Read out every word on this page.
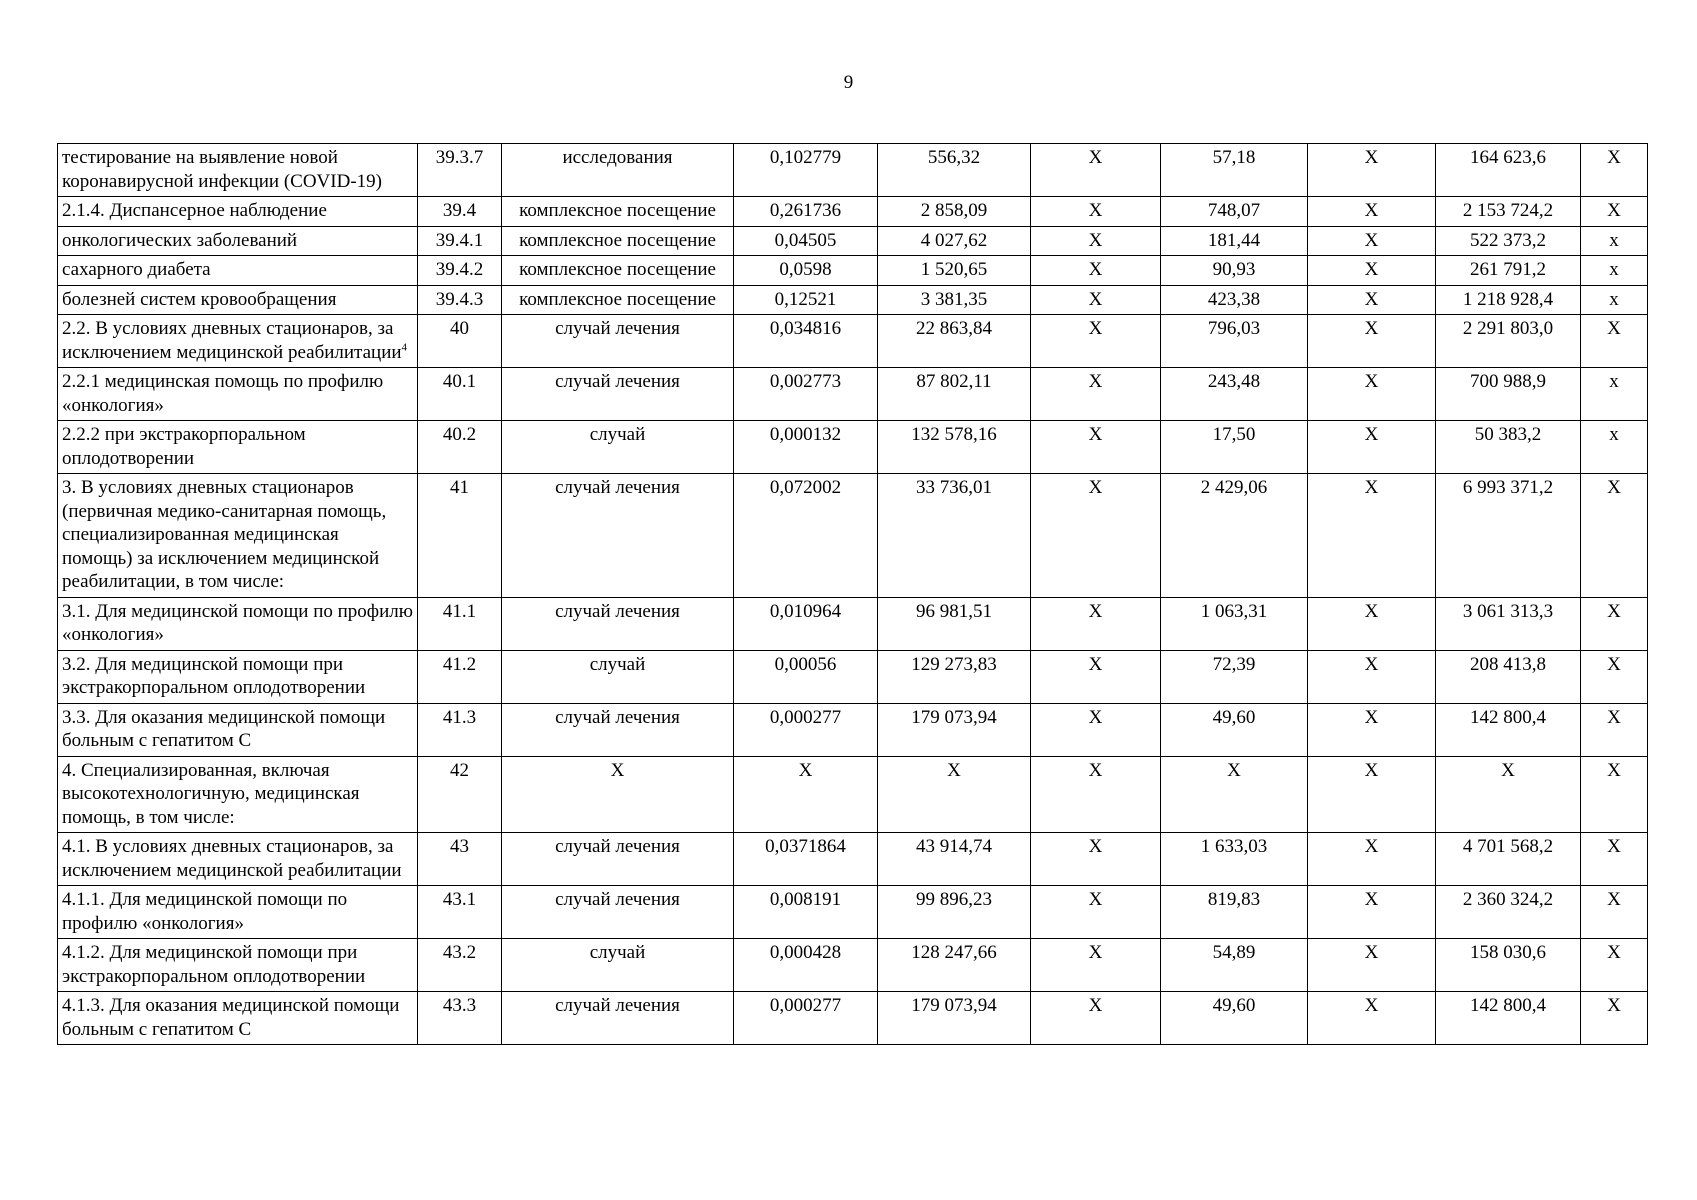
9
тестирование на выявление новой коронавирусной инфекции (COVID-19)	39.3.7	исследования	0,102779	556,32	X	57,18	X	164 623,6	X
2.1.4. Диспансерное наблюдение	39.4	комплексное посещение	0,261736	2 858,09	X	748,07	X	2 153 724,2	X
онкологических заболеваний	39.4.1	комплексное посещение	0,04505	4 027,62	X	181,44	X	522 373,2	x
сахарного диабета	39.4.2	комплексное посещение	0,0598	1 520,65	X	90,93	X	261 791,2	x
болезней систем кровообращения	39.4.3	комплексное посещение	0,12521	3 381,35	X	423,38	X	1 218 928,4	x
2.2. В условиях дневных стационаров, за исключением медицинской реабилитации$^4$	40	случай лечения	0,034816	22 863,84	X	796,03	X	2 291 803,0	X
2.2.1 медицинская помощь по профилю «онкология»	40.1	случай лечения	0,002773	87 802,11	X	243,48	X	700 988,9	x
2.2.2 при экстракорпоральном оплодотворении	40.2	случай	0,000132	132 578,16	X	17,50	X	50 383,2	x
3. В условиях дневных стационаров (первичная медико-санитарная помощь, специализированная медицинская помощь) за исключением медицинской реабилитации, в том числе:	41	случай лечения	0,072002	33 736,01	X	2 429,06	X	6 993 371,2	X
3.1. Для медицинской помощи по профилю «онкология»	41.1	случай лечения	0,010964	96 981,51	X	1 063,31	X	3 061 313,3	X
3.2. Для медицинской помощи при экстракорпоральном оплодотворении	41.2	случай	0,00056	129 273,83	X	72,39	X	208 413,8	X
3.3. Для оказания медицинской помощи больным с гепатитом С	41.3	случай лечения	0,000277	179 073,94	X	49,60	X	142 800,4	X
4. Специализированная, включая высокотехнологичную, медицинская помощь, в том числе:	42	X	X	X	X	X	X	X	X
4.1. В условиях дневных стационаров, за исключением медицинской реабилитации	43	случай лечения	0,0371864	43 914,74	X	1 633,03	X	4 701 568,2	X
4.1.1. Для медицинской помощи по профилю «онкология»	43.1	случай лечения	0,008191	99 896,23	X	819,83	X	2 360 324,2	X
4.1.2. Для медицинской помощи при экстракорпоральном оплодотворении	43.2	случай	0,000428	128 247,66	X	54,89	X	158 030,6	X
4.1.3. Для оказания медицинской помощи больным с гепатитом С	43.3	случай лечения	0,000277	179 073,94	X	49,60	X	142 800,4	X
